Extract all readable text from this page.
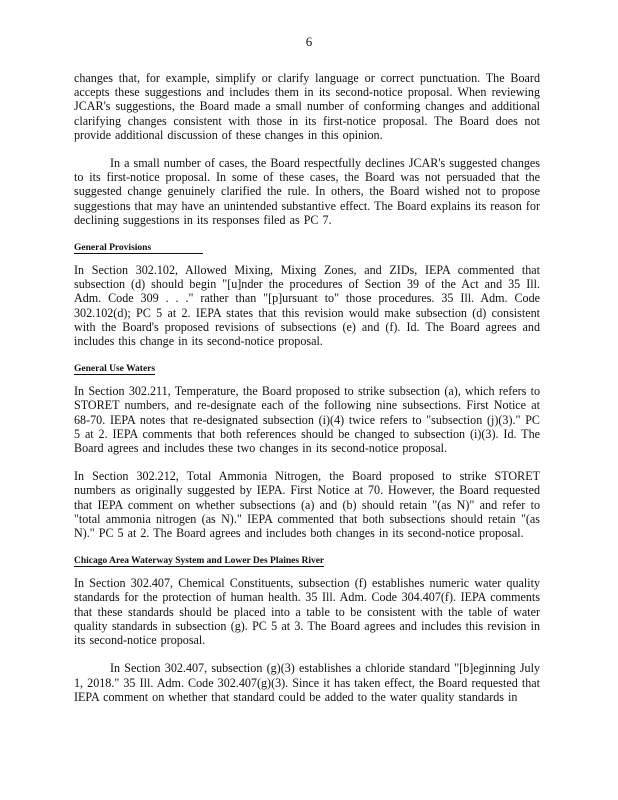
6

changes that, for example, simplify or clarify language or correct punctuation. The Board accepts these suggestions and includes them in its second-notice proposal. When reviewing JCAR's suggestions, the Board made a small number of conforming changes and additional clarifying changes consistent with those in its first-notice proposal. The Board does not provide additional discussion of these changes in this opinion.

In a small number of cases, the Board respectfully declines JCAR's suggested changes to its first-notice proposal. In some of these cases, the Board was not persuaded that the suggested change genuinely clarified the rule. In others, the Board wished not to propose suggestions that may have an unintended substantive effect. The Board explains its reason for declining suggestions in its responses filed as PC 7.

General Provisions

In Section 302.102, Allowed Mixing, Mixing Zones, and ZIDs, IEPA commented that subsection (d) should begin "[u]nder the procedures of Section 39 of the Act and 35 Ill. Adm. Code 309 . . ." rather than "[p]ursuant to" those procedures. 35 Ill. Adm. Code 302.102(d); PC 5 at 2. IEPA states that this revision would make subsection (d) consistent with the Board's proposed revisions of subsections (e) and (f). Id. The Board agrees and includes this change in its second-notice proposal.

General Use Waters

In Section 302.211, Temperature, the Board proposed to strike subsection (a), which refers to STORET numbers, and re-designate each of the following nine subsections. First Notice at 68-70. IEPA notes that re-designated subsection (i)(4) twice refers to "subsection (j)(3)." PC 5 at 2. IEPA comments that both references should be changed to subsection (i)(3). Id. The Board agrees and includes these two changes in its second-notice proposal.

In Section 302.212, Total Ammonia Nitrogen, the Board proposed to strike STORET numbers as originally suggested by IEPA. First Notice at 70. However, the Board requested that IEPA comment on whether subsections (a) and (b) should retain "(as N)" and refer to "total ammonia nitrogen (as N)." IEPA commented that both subsections should retain "(as N)." PC 5 at 2. The Board agrees and includes both changes in its second-notice proposal.

Chicago Area Waterway System and Lower Des Plaines River

In Section 302.407, Chemical Constituents, subsection (f) establishes numeric water quality standards for the protection of human health. 35 Ill. Adm. Code 304.407(f). IEPA comments that these standards should be placed into a table to be consistent with the table of water quality standards in subsection (g). PC 5 at 3. The Board agrees and includes this revision in its second-notice proposal.

In Section 302.407, subsection (g)(3) establishes a chloride standard "[b]eginning July 1, 2018." 35 Ill. Adm. Code 302.407(g)(3). Since it has taken effect, the Board requested that IEPA comment on whether that standard could be added to the water quality standards in
